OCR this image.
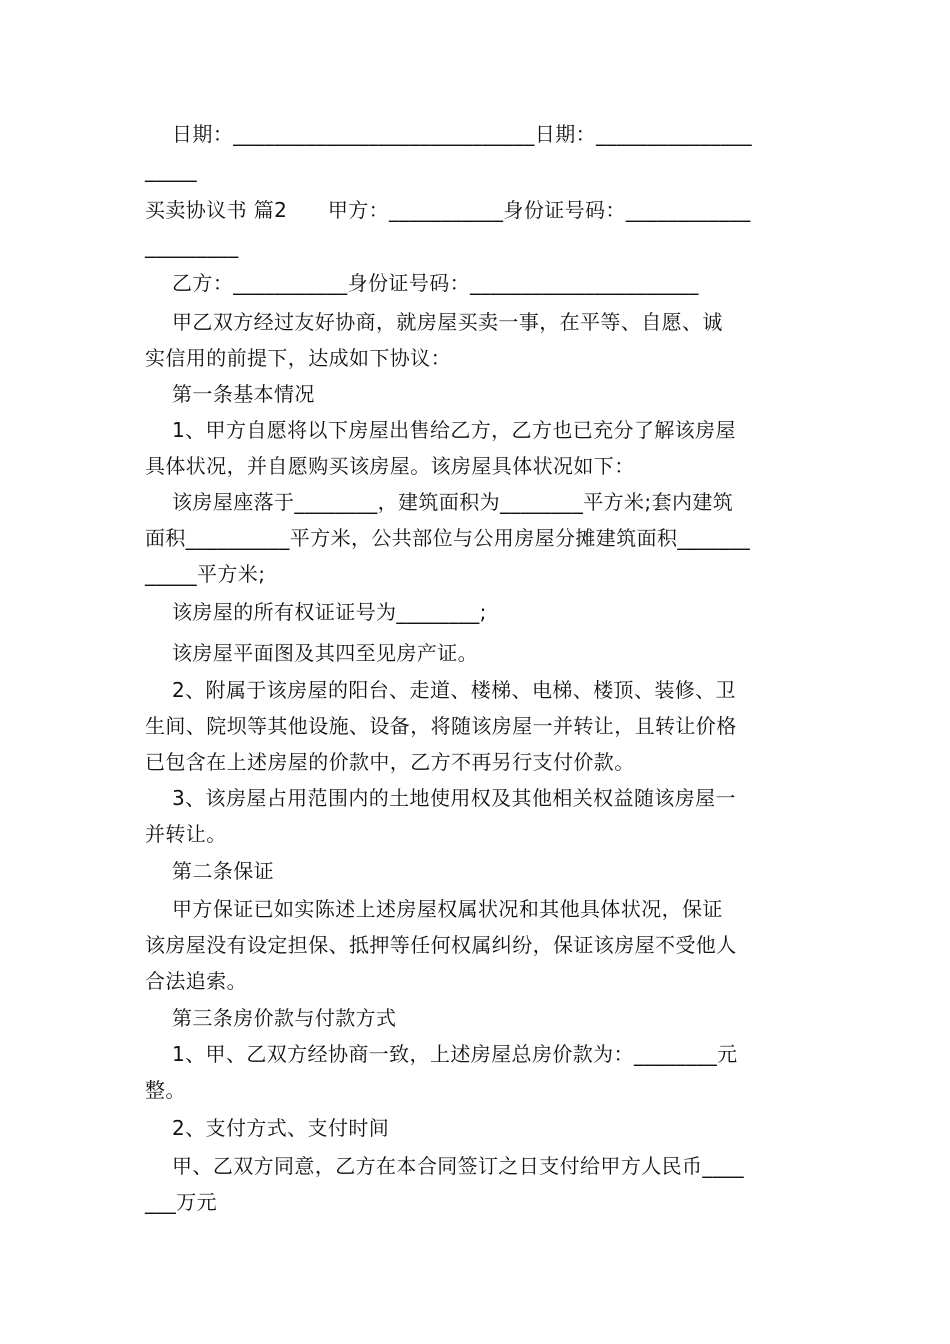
日期：_____________________________日期：_______________
_____
买卖协议书 篇2      甲方：___________身份证号码：____________
_________
乙方：___________身份证号码：______________________
甲乙双方经过友好协商，就房屋买卖一事，在平等、自愿、诚
实信用的前提下，达成如下协议：
第一条基本情况
1、甲方自愿将以下房屋出售给乙方，乙方也已充分了解该房屋
具体状况，并自愿购买该房屋。该房屋具体状况如下：
该房屋座落于________，建筑面积为________平方米;套内建筑
面积__________平方米，公共部位与公用房屋分摊建筑面积_______
_____平方米;
该房屋的所有权证证号为________;
该房屋平面图及其四至见房产证。
2、附属于该房屋的阳台、走道、楼梯、电梯、楼顶、装修、卫
生间、院坝等其他设施、设备，将随该房屋一并转让，且转让价格
已包含在上述房屋的价款中，乙方不再另行支付价款。
3、该房屋占用范围内的土地使用权及其他相关权益随该房屋一
并转让。
第二条保证
甲方保证已如实陈述上述房屋权属状况和其他具体状况，保证
该房屋没有设定担保、抵押等任何权属纠纷，保证该房屋不受他人
合法追索。
第三条房价款与付款方式
1、甲、乙双方经协商一致，上述房屋总房价款为：________元
整。
2、支付方式、支付时间
甲、乙双方同意，乙方在本合同签订之日支付给甲方人民币____
___万元
